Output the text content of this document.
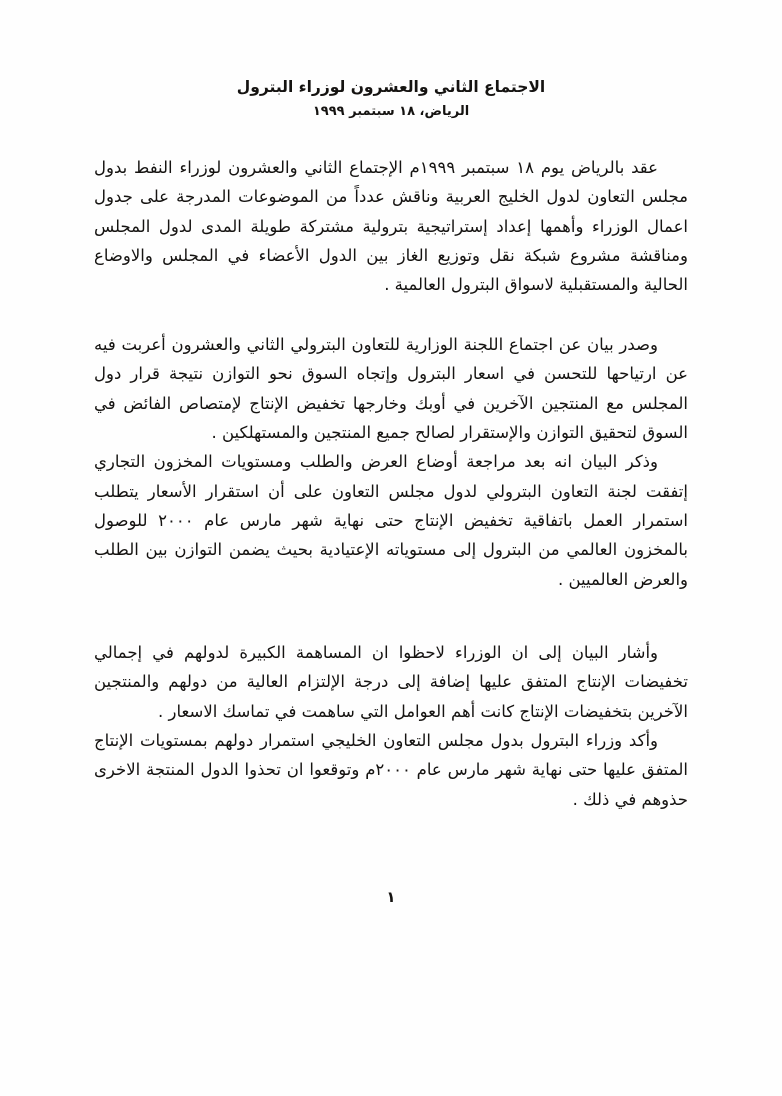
الاجتماع الثاني والعشرون لوزراء البترول
الرياض، ١٨ سبتمبر ١٩٩٩

عقد بالرياض يوم ١٨ سبتمبر ١٩٩٩م الإجتماع الثاني والعشرون لوزراء النفط بدول مجلس التعاون لدول الخليج العربية وناقش عدداً من الموضوعات المدرجة على جدول اعمال الوزراء وأهمها إعداد إستراتيجية بترولية مشتركة طويلة المدى لدول المجلس ومناقشة مشروع شبكة نقل وتوزيع الغاز بين الدول الأعضاء في المجلس والاوضاع الحالية والمستقبلية لاسواق البترول العالمية .

وصدر بيان عن اجتماع اللجنة الوزارية للتعاون البترولي الثاني والعشرون أعربت فيه عن ارتياحها للتحسن في اسعار البترول وإتجاه السوق نحو التوازن نتيجة قرار دول المجلس مع المنتجين الآخرين في أوبك وخارجها تخفيض الإنتاج لإمتصاص الفائض في السوق لتحقيق التوازن والإستقرار لصالح جميع المنتجين والمستهلكين .

وذكر البيان انه بعد مراجعة أوضاع العرض والطلب ومستويات المخزون التجاري إتفقت لجنة التعاون البترولي لدول مجلس التعاون على أن استقرار الأسعار يتطلب استمرار العمل باتفاقية تخفيض الإنتاج حتى نهاية شهر مارس عام ٢٠٠٠ للوصول بالمخزون العالمي من البترول إلى مستوياته الإعتيادية بحيث يضمن التوازن بين الطلب والعرض العالميين .

وأشار البيان إلى ان الوزراء لاحظوا ان المساهمة الكبيرة لدولهم في إجمالي تخفيضات الإنتاج المتفق عليها إضافة إلى درجة الإلتزام العالية من دولهم والمنتجين الآخرين بتخفيضات الإنتاج كانت أهم العوامل التي ساهمت في تماسك الاسعار .

وأكد وزراء البترول بدول مجلس التعاون الخليجي استمرار دولهم بمستويات الإنتاج المتفق عليها حتى نهاية شهر مارس عام ٢٠٠٠م وتوقعوا ان تحذوا الدول المنتجة الاخرى حذوهم في ذلك .

١
